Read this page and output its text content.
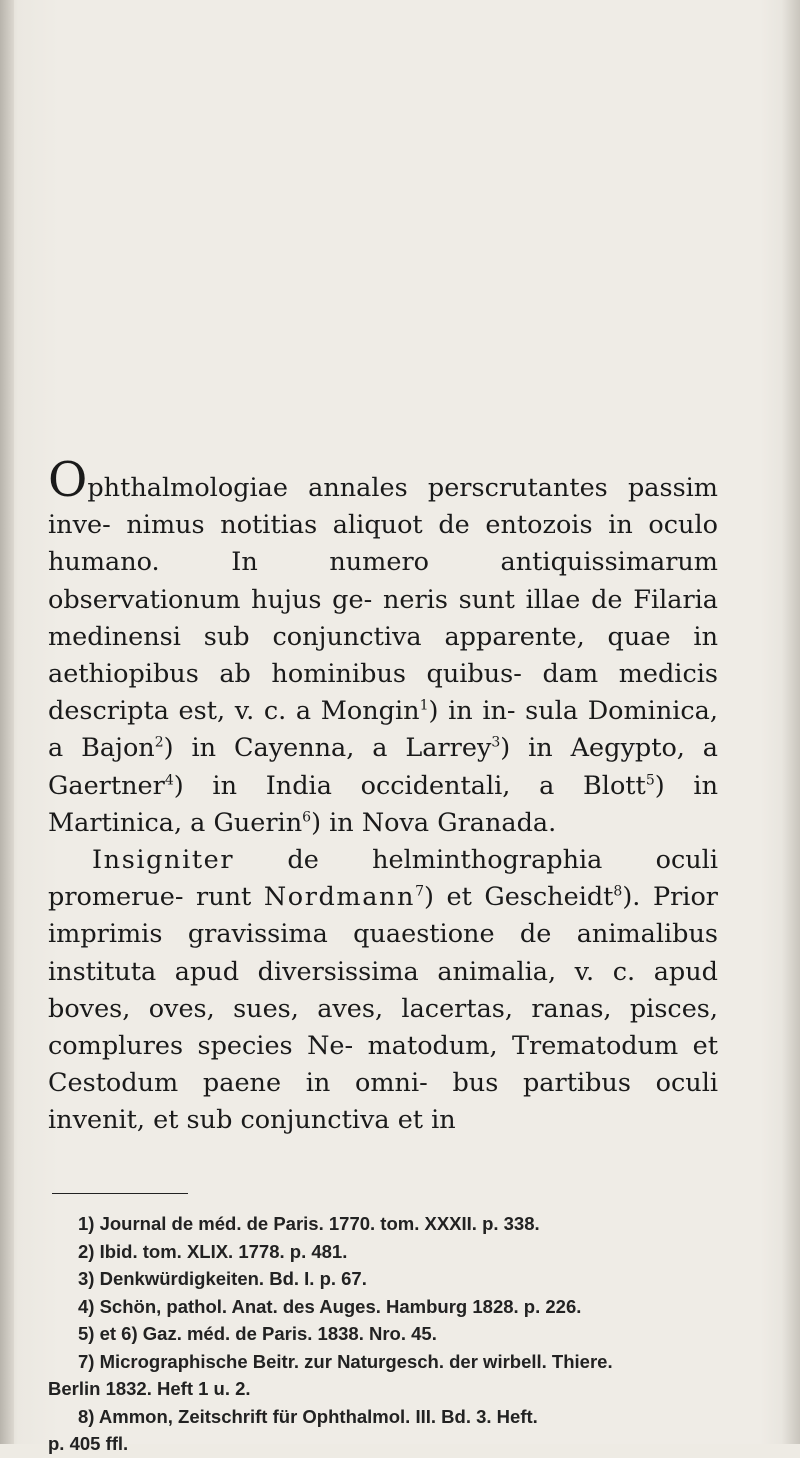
Ophthalmologiae annales perscrutantes passim inve- nimus notitias aliquot de entozois in oculo humano.	In numero antiquissimarum observationum hujus ge- neris sunt illae de Filaria medinensi sub conjunctiva apparente, quae in aethiopibus ab hominibus quibus- dam medicis descripta est, v. c. a Mongin$^1$) in in- sula Dominica, a Bajon$^2$) in Cayenna, a Larrey$^3$) in Aegypto, a Gaertner$^4$) in India occidentali, a Blott$^5$) in Martinica, a Guerin$^6$) in Nova Granada.

Insigniter de helminthographia oculi promerue- runt Nordmann$^7$) et Gescheidt$^8$). Prior imprimis gravissima quaestione de animalibus instituta apud diversissima animalia, v. c. apud boves, oves, sues, aves, lacertas, ranas, pisces, complures species Ne- matodum, Trematodum et Cestodum paene in omni- bus partibus oculi invenit, et sub conjunctiva et in

1) Journal de méd. de Paris. 1770. tom. XXXII. p. 338.

2) Ibid. tom. XLIX. 1778. p. 481.

3) Denkwürdigkeiten. Bd. I. p. 67.

4) Schön, pathol. Anat. des Auges. Hamburg 1828. p. 226.

5) et 6) Gaz. méd. de Paris. 1838. Nro. 45.

7) Micrographische Beitr. zur Naturgesch. der wirbell. Thiere.

Berlin 1832. Heft 1 u. 2.

8) Ammon, Zeitschrift für Ophthalmol. III. Bd. 3. Heft.

p. 405 ffl.
